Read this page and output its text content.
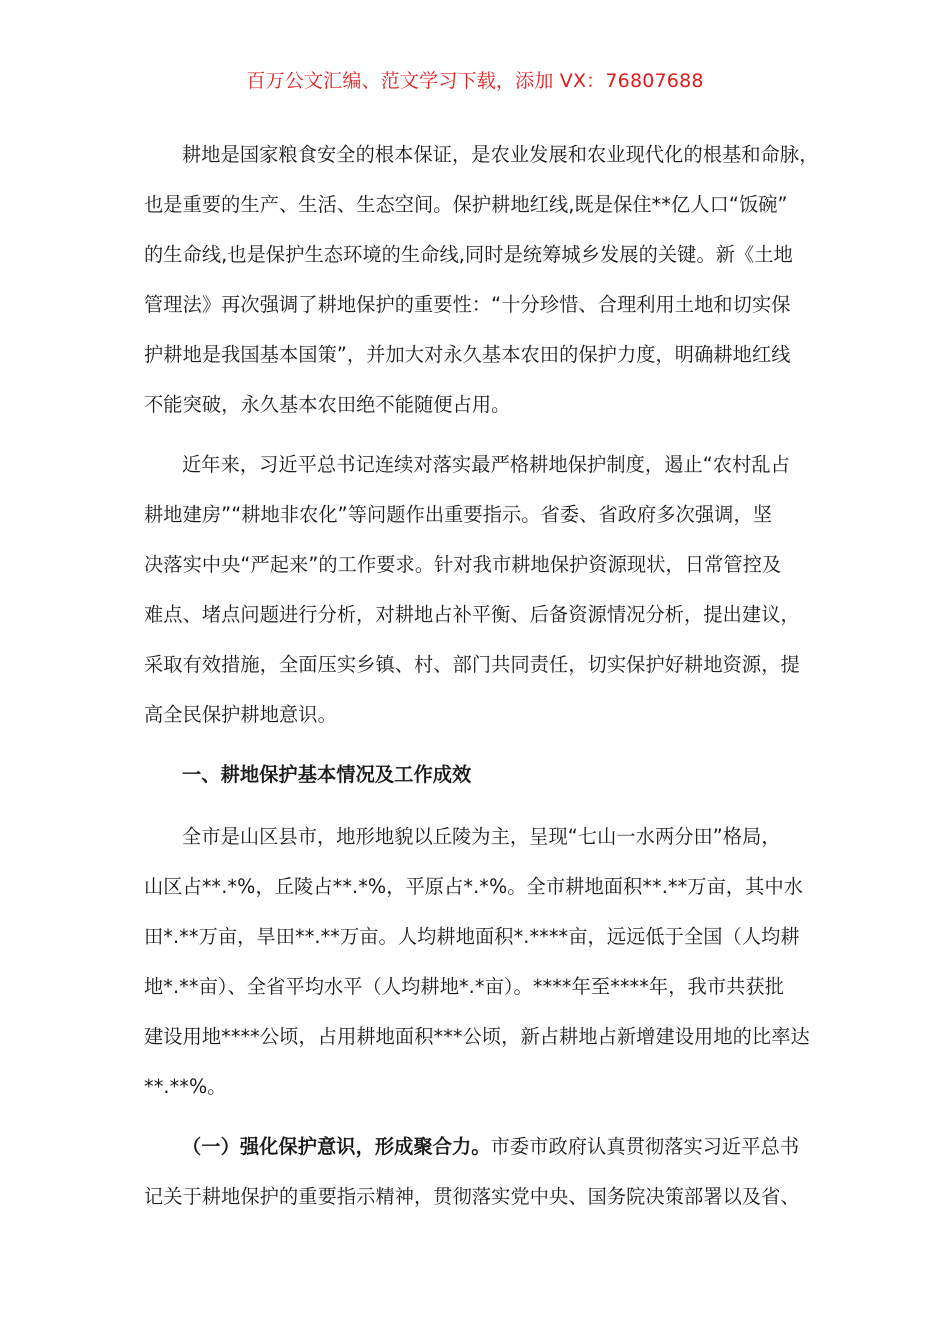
百万公文汇编、范文学习下载，添加 VX：76807688
耕地是国家粮食安全的根本保证，是农业发展和农业现代化的根基和命脉，
也是重要的生产、生活、生态空间。保护耕地红线,既是保住**亿人口“饭碗”
的生命线,也是保护生态环境的生命线,同时是统筹城乡发展的关键。新《土地
管理法》再次强调了耕地保护的重要性：“十分珍惜、合理利用土地和切实保
护耕地是我国基本国策”，并加大对永久基本农田的保护力度，明确耕地红线
不能突破，永久基本农田绝不能随便占用。
近年来，习近平总书记连续对落实最严格耕地保护制度，遏止“农村乱占
耕地建房”“耕地非农化”等问题作出重要指示。省委、省政府多次强调，坚
决落实中央“严起来”的工作要求。针对我市耕地保护资源现状，日常管控及
难点、堵点问题进行分析，对耕地占补平衡、后备资源情况分析，提出建议，
采取有效措施，全面压实乡镇、村、部门共同责任，切实保护好耕地资源，提
高全民保护耕地意识。
全市是山区县市，地形地貌以丘陵为主，呈现“七山一水两分田”格局，
山区占**.*%，丘陵占**.*%，平原占*.*%。全市耕地面积**.**万亩，其中水
田*.**万亩，旱田**.**万亩。人均耕地面积*.****亩，远远低于全国（人均耕
地*.**亩）、全省平均水平（人均耕地*.*亩）。****年至****年，我市共获批
建设用地****公顷，占用耕地面积***公顷，新占耕地占新增建设用地的比率达
**.**%。
一、耕地保护基本情况及工作成效
（一）强化保护意识，形成聚合力。市委市政府认真贯彻落实习近平总书
记关于耕地保护的重要指示精神，贯彻落实党中央、国务院决策部署以及省、
